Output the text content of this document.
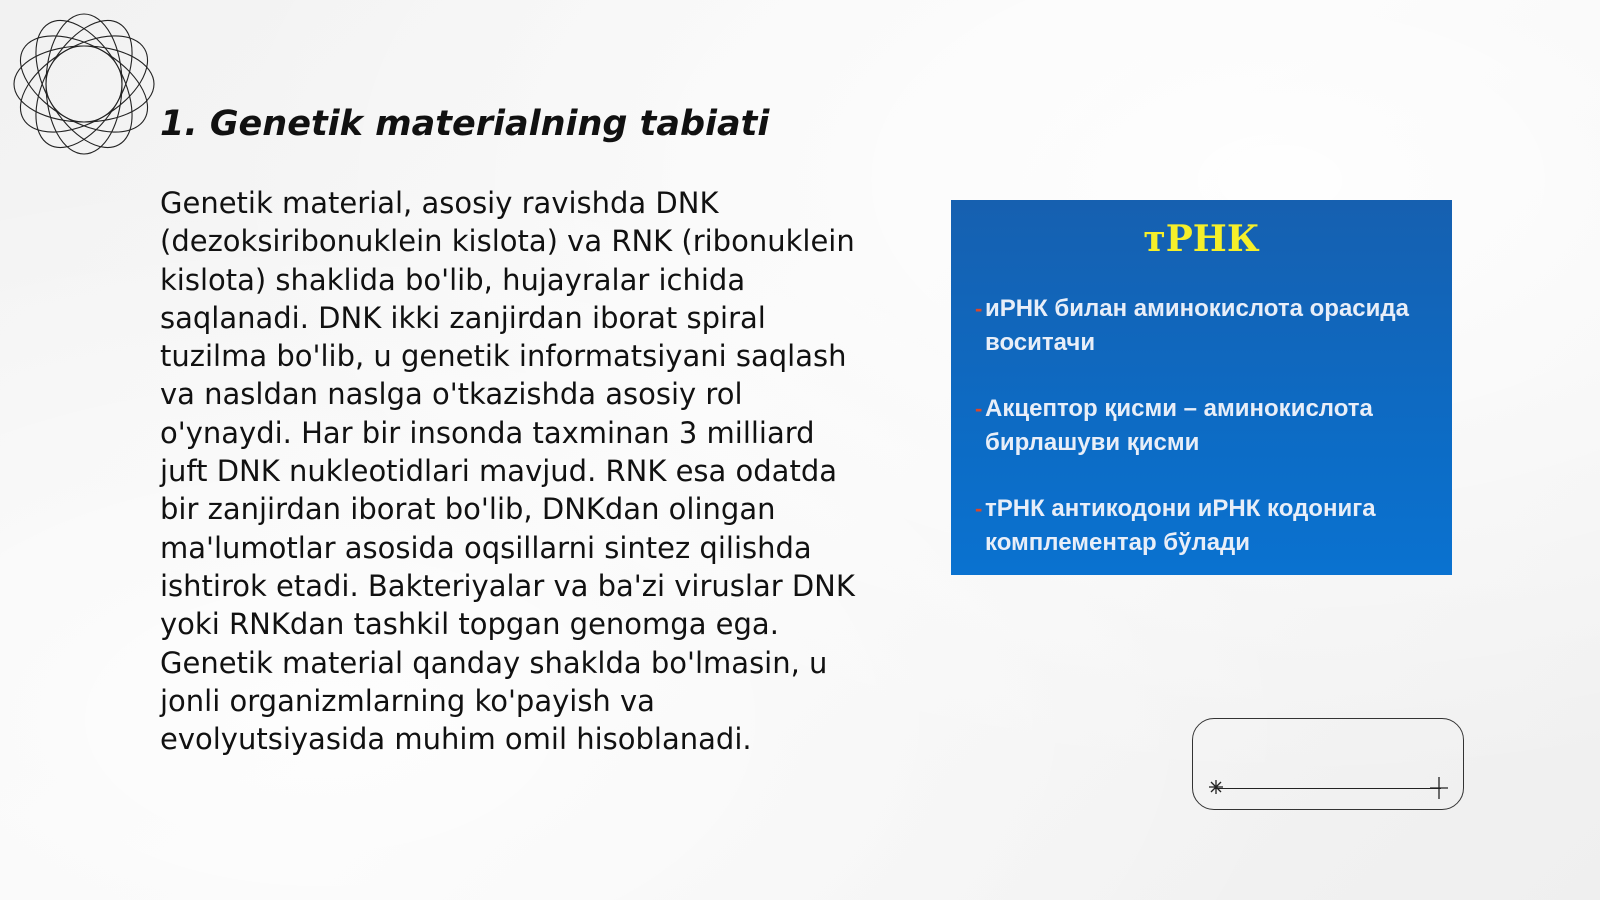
1. Genetik materialning tabiati

Genetik material, asosiy ravishda DNK (dezoksiribonuklein kislota) va RNK (ribonuklein kislota) shaklida bo'lib, hujayralar ichida saqlanadi. DNK ikki zanjirdan iborat spiral tuzilma bo'lib, u genetik informatsiyani saqlash va nasldan naslga o'tkazishda asosiy rol o'ynaydi. Har bir insonda taxminan 3 milliard juft DNK nukleotidlari mavjud. RNK esa odatda bir zanjirdan iborat bo'lib, DNKdan olingan ma'lumotlar asosida oqsillarni sintez qilishda ishtirok etadi. Bakteriyalar va ba'zi viruslar DNK yoki RNKdan tashkil topgan genomga ega. Genetik material qanday shaklda bo'lmasin, u jonli organizmlarning ko'payish va evolyutsiyasida muhim omil hisoblanadi.

тРНК
- иРНК билан аминокислота орасида воситачи
- Акцептор қисми – аминокислота бирлашуви қисми
- тРНК антикодони иРНК кодонига комплементар бўлади
